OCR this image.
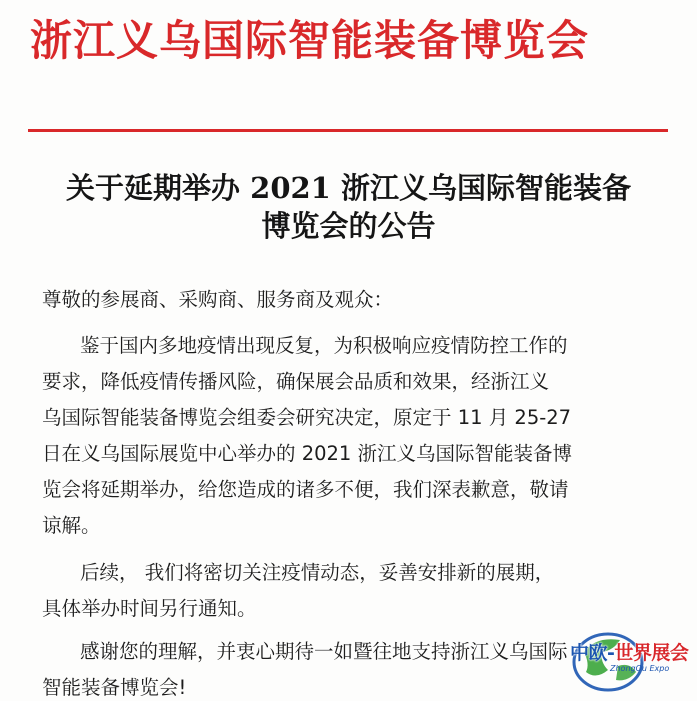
浙江义乌国际智能装备博览会
关于延期举办 2021 浙江义乌国际智能装备
博览会的公告
尊敬的参展商、采购商、服务商及观众：
鉴于国内多地疫情出现反复，为积极响应疫情防控工作的
要求，降低疫情传播风险，确保展会品质和效果，经浙江义
乌国际智能装备博览会组委会研究决定，原定于 11 月 25-27
日在义乌国际展览中心举办的 2021 浙江义乌国际智能装备博
览会将延期举办，给您造成的诸多不便，我们深表歉意，敬请
谅解。
后续， 我们将密切关注疫情动态，妥善安排新的展期，
具体举办时间另行通知。
感谢您的理解，并衷心期待一如暨往地支持浙江义乌国际
智能装备博览会!
中欧-世界展会
ZhongOu Expo
